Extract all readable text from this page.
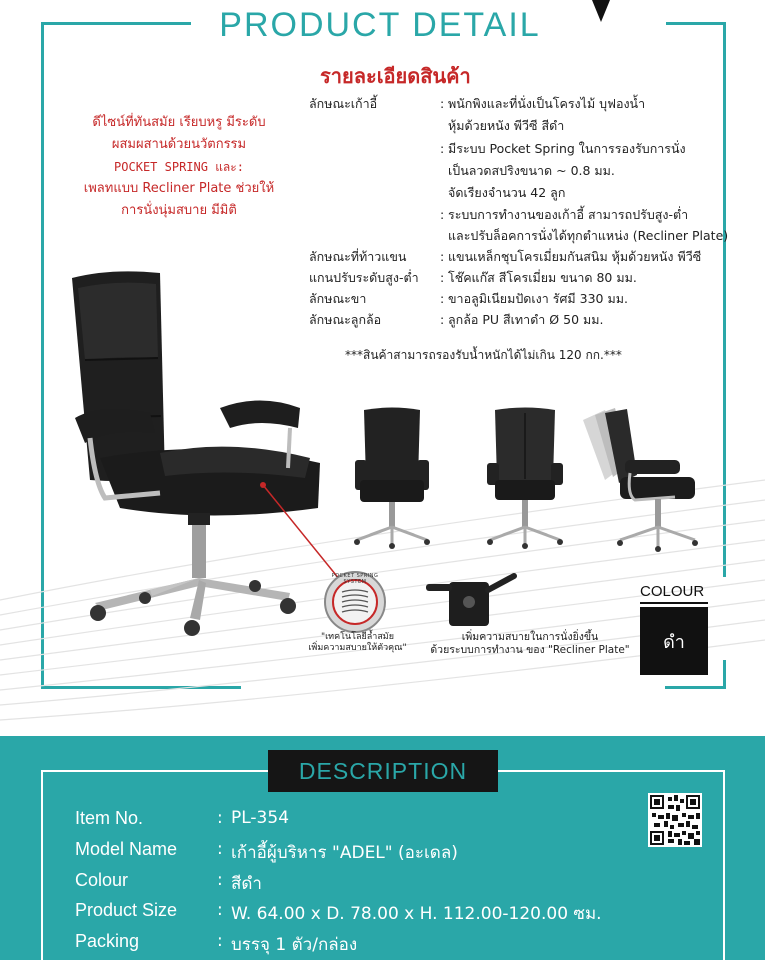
PRODUCT DETAIL
รายละเอียดสินค้า
ดีไซน์ที่ทันสมัย เรียบหรู มีระดับ
ผสมผสานด้วยนวัตกรรม
POCKET SPRING และ:
เพลทแบบ Recliner Plate ช่วยให้
การนั่งนุ่มสบาย มีมิติ
ลักษณะเก้าอี้	: พนักพิงและที่นั่งเป็นโครงไม้ บุฟองน้ำ
หุ้มด้วยหนัง พีวีซี สีดำ
: มีระบบ Pocket Spring ในการรองรับการนั่ง
เป็นลวดสปริงขนาด ~ 0.8 มม.
จัดเรียงจำนวน 42 ลูก
: ระบบการทำงานของเก้าอี้ สามารถปรับสูง-ต่ำ
และปรับล็อคการนั่งได้ทุกตำแหน่ง (Recliner Plate)
ลักษณะที่ท้าวแขน	: แขนเหล็กชุบโครเมี่ยมกันสนิม หุ้มด้วยหนัง พีวีซี
แกนปรับระดับสูง-ต่ำ	: โช๊คแก๊ส สีโครเมี่ยม ขนาด 80 มม.
ลักษณะขา	: ขาอลูมิเนียมปัดเงา รัศมี 330 มม.
ลักษณะลูกล้อ	: ลูกล้อ PU สีเทาดำ Ø 50 มม.
***สินค้าสามารถรองรับน้ำหนักได้ไม่เกิน 120 กก.***
POCKET SPRING SYSTEM
"เทคโนโลยีล้ำสมัย
เพิ่มความสบายให้ตัวคุณ"
เพิ่มความสบายในการนั่งยิ่งขึ้น
ด้วยระบบการทำงาน ของ "Recliner Plate"
COLOUR
ดำ
DESCRIPTION
Item No.	: PL-354
Model Name	: เก้าอี้ผู้บริหาร "ADEL" (อะเดล)
Colour	: สีดำ
Product Size	: W. 64.00 x D. 78.00 x H. 112.00-120.00 ซม.
Packing	: บรรจุ 1 ตัว/กล่อง
